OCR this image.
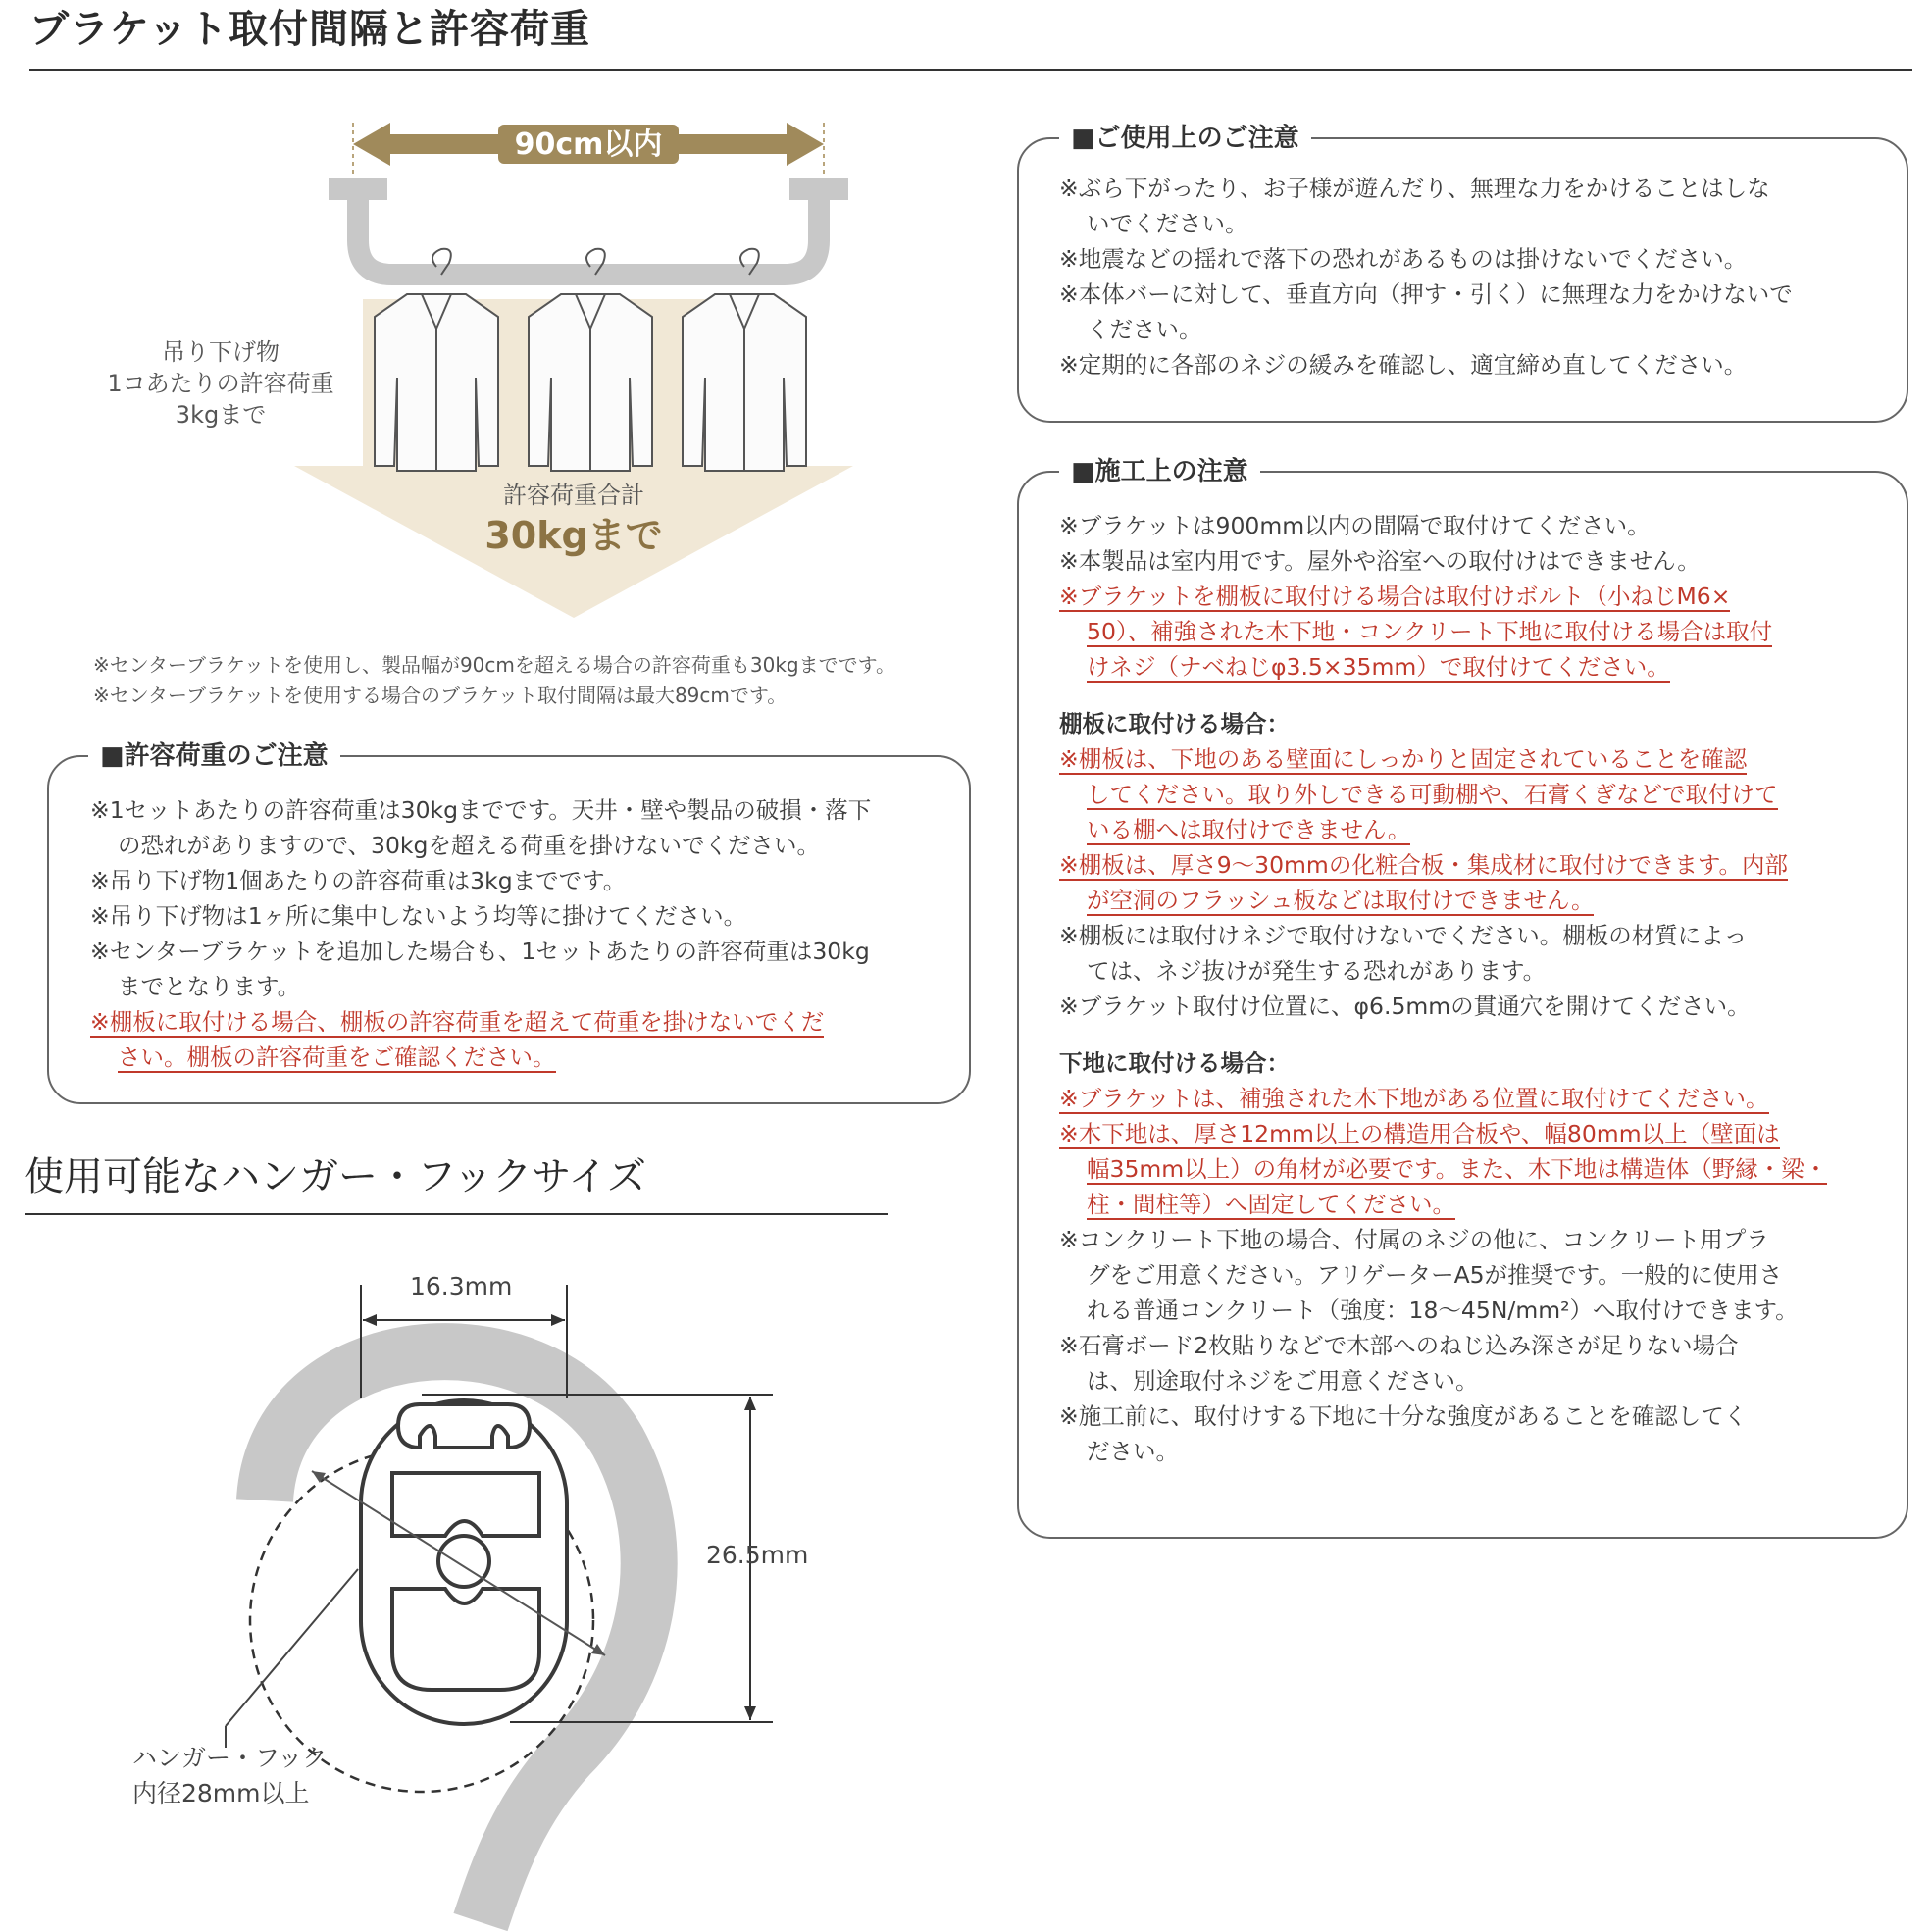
ブラケット取付間隔と許容荷重
90cm以内
吊り下げ物
1コあたりの許容荷重
3kgまで
許容荷重合計
30kgまで
※センターブラケットを使用し、製品幅が90cmを超える場合の許容荷重も30kgまでです。
※センターブラケットを使用する場合のブラケット取付間隔は最大89cmです。
■許容荷重のご注意

※1セットあたりの許容荷重は30kgまでです。天井・壁や製品の破損・落下

の恐れがありますので、30kgを超える荷重を掛けないでください。

※吊り下げ物1個あたりの許容荷重は3kgまでです。

※吊り下げ物は1ヶ所に集中しないよう均等に掛けてください。

※センターブラケットを追加した場合も、1セットあたりの許容荷重は30kg

までとなります。

※棚板に取付ける場合、棚板の許容荷重を超えて荷重を掛けないでくだ

さい。棚板の許容荷重をご確認ください。

■ご使用上のご注意

※ぶら下がったり、お子様が遊んだり、無理な力をかけることはしな

いでください。

※地震などの揺れで落下の恐れがあるものは掛けないでください。

※本体バーに対して、垂直方向（押す・引く）に無理な力をかけないで

ください。

※定期的に各部のネジの緩みを確認し、適宜締め直してください。

■施工上の注意

※ブラケットは900mm以内の間隔で取付けてください。

※本製品は室内用です。屋外や浴室への取付けはできません。

※ブラケットを棚板に取付ける場合は取付けボルト（小ねじM6×

50）、補強された木下地・コンクリート下地に取付ける場合は取付

けネジ（ナベねじφ3.5×35mm）で取付けてください。

棚板に取付ける場合：

※棚板は、下地のある壁面にしっかりと固定されていることを確認

してください。取り外しできる可動棚や、石膏くぎなどで取付けて

いる棚へは取付けできません。

※棚板は、厚さ9〜30mmの化粧合板・集成材に取付けできます。内部

が空洞のフラッシュ板などは取付けできません。

※棚板には取付けネジで取付けないでください。棚板の材質によっ

ては、ネジ抜けが発生する恐れがあります。

※ブラケット取付け位置に、φ6.5mmの貫通穴を開けてください。

下地に取付ける場合：

※ブラケットは、補強された木下地がある位置に取付けてください。

※木下地は、厚さ12mm以上の構造用合板や、幅80mm以上（壁面は

幅35mm以上）の角材が必要です。また、木下地は構造体（野縁・梁・

柱・間柱等）へ固定してください。

※コンクリート下地の場合、付属のネジの他に、コンクリート用プラ

グをご用意ください。アリゲーターA5が推奨です。一般的に使用さ

れる普通コンクリート（強度：18〜45N/mm²）へ取付けできます。

※石膏ボード2枚貼りなどで木部へのねじ込み深さが足りない場合

は、別途取付ネジをご用意ください。

※施工前に、取付けする下地に十分な強度があることを確認してく

ださい。

使用可能なハンガー・フックサイズ
16.3mm
26.5mm
ハンガー・フック
内径28mm以上
